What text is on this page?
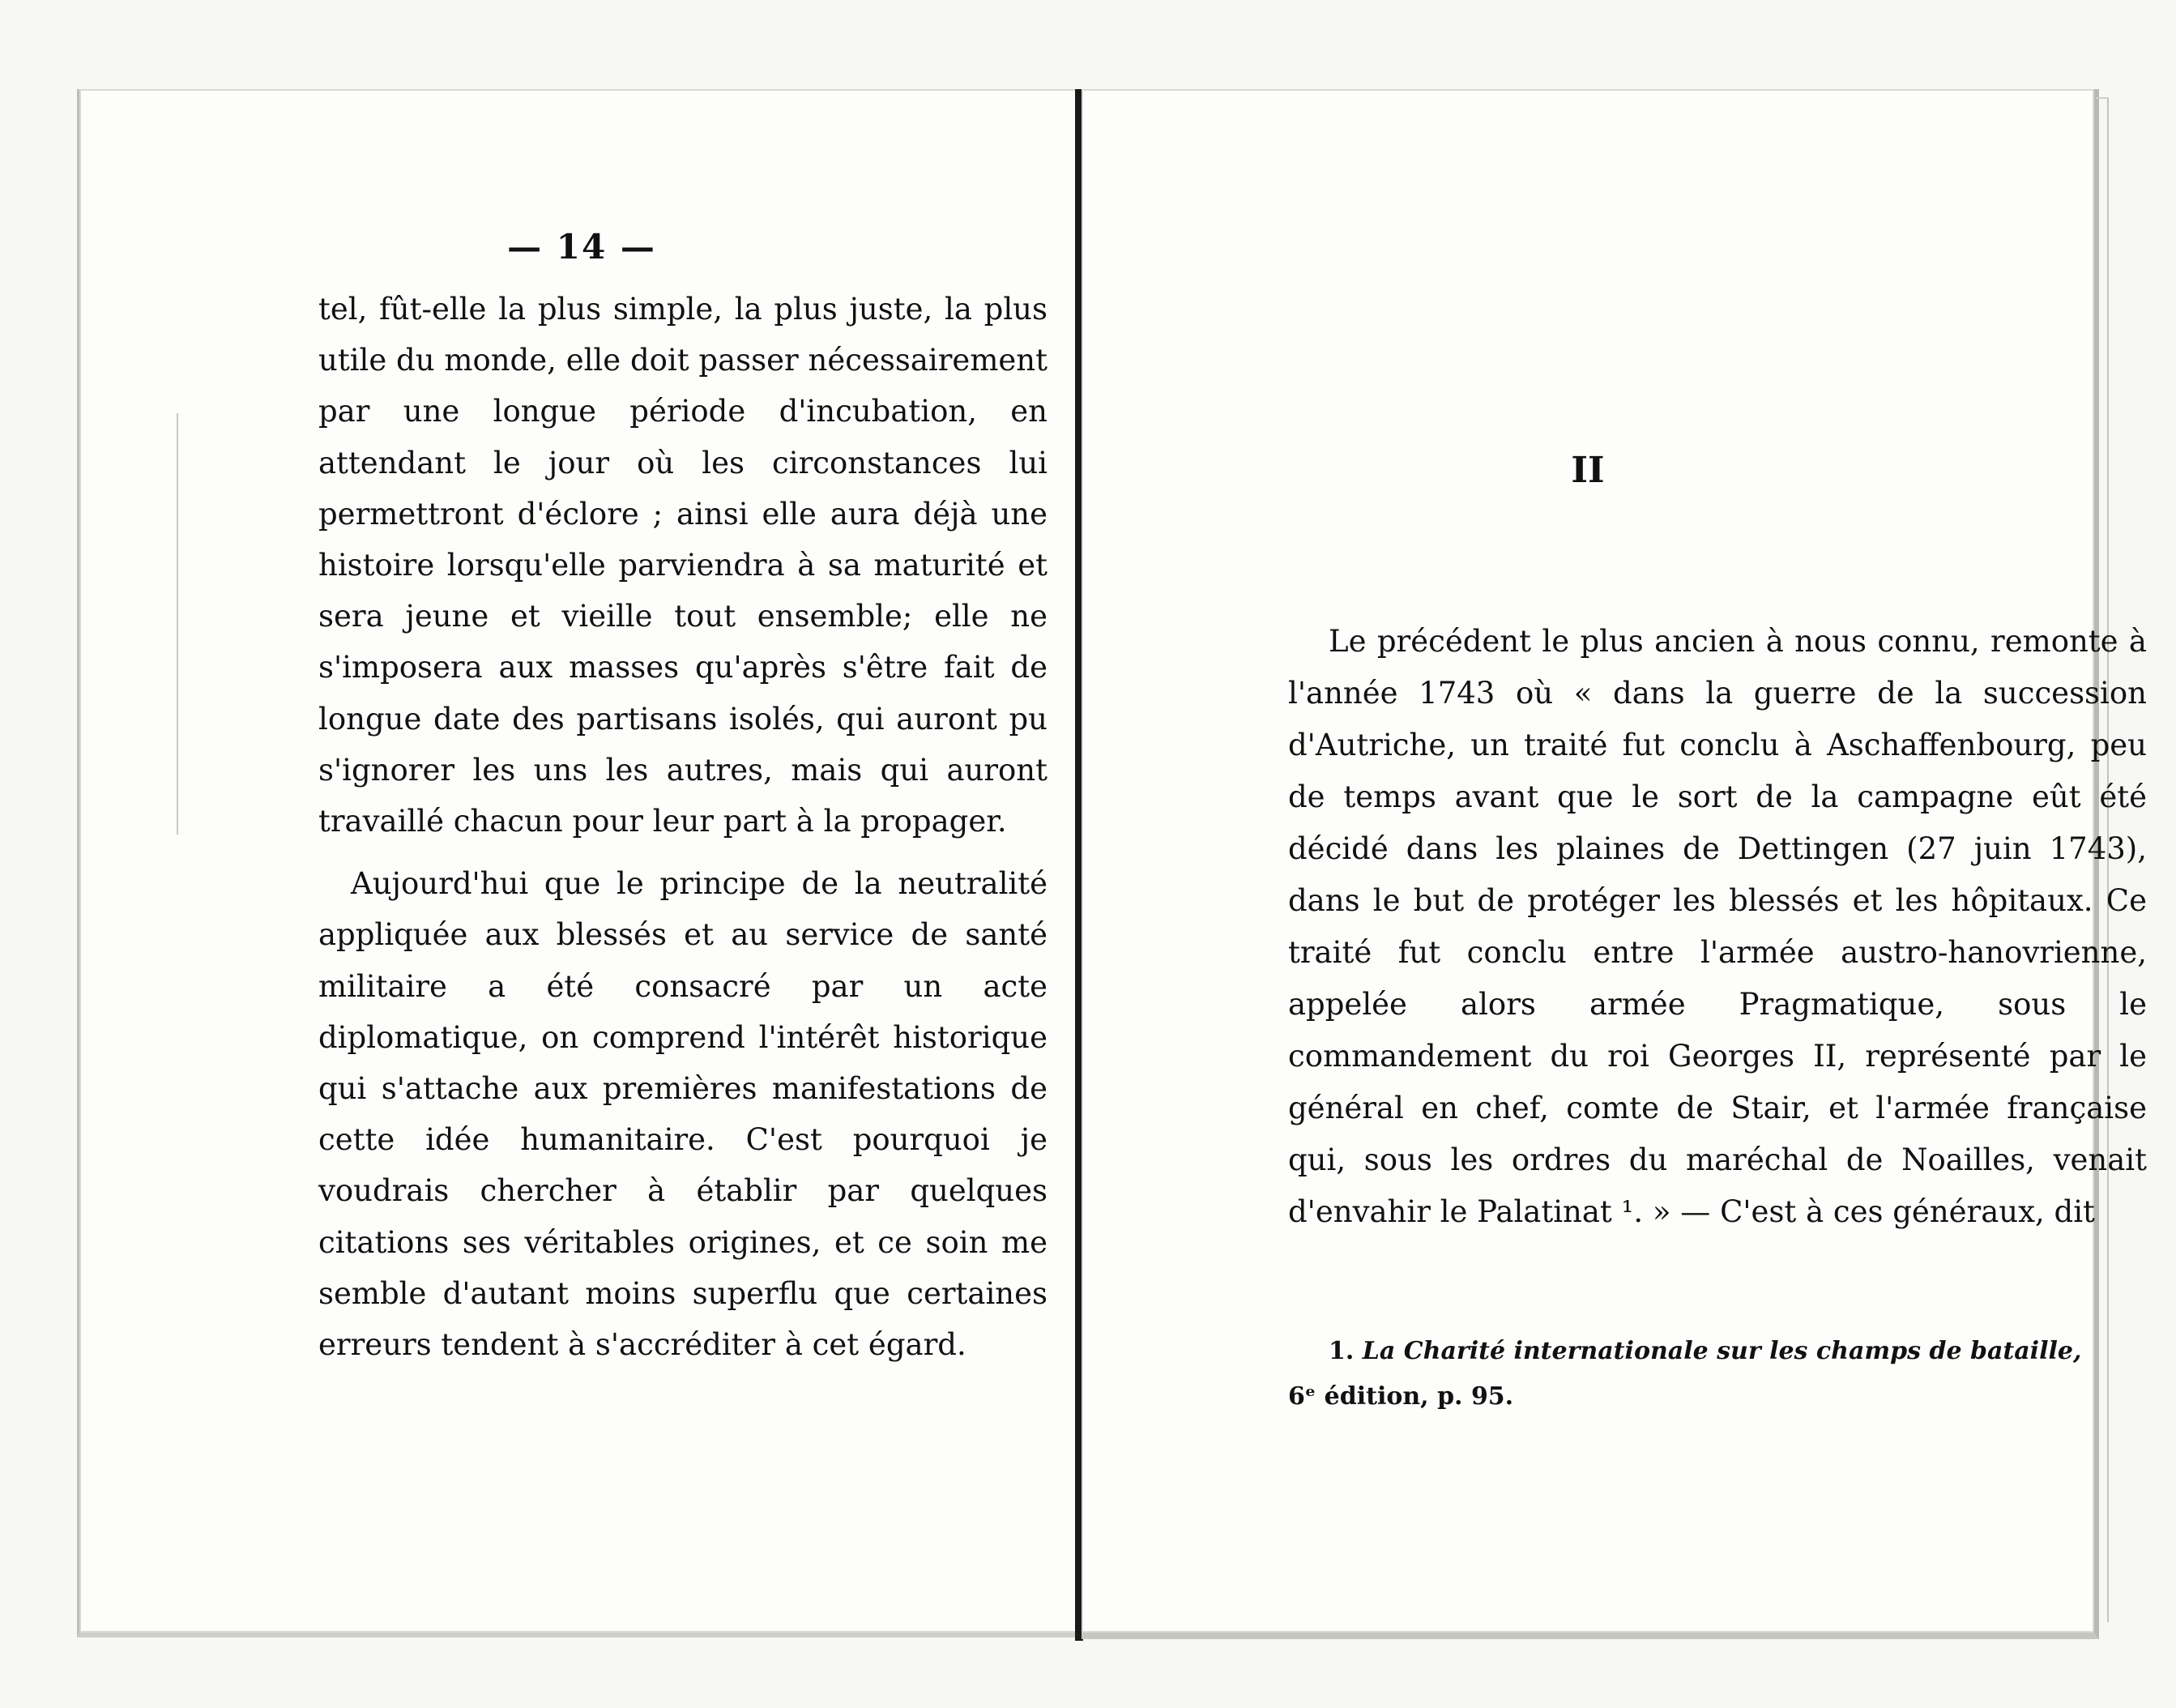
— 14 —

tel, fût-elle la plus simple, la plus juste, la plus utile du monde, elle doit passer nécessairement par une longue période d'incubation, en attendant le jour où les circonstances lui permettront d'éclore ; ainsi elle aura déjà une histoire lorsqu'elle parviendra à sa maturité et sera jeune et vieille tout ensemble; elle ne s'imposera aux masses qu'après s'être fait de longue date des partisans isolés, qui auront pu s'ignorer les uns les autres, mais qui auront travaillé chacun pour leur part à la propager.

Aujourd'hui que le principe de la neutralité appliquée aux blessés et au service de santé militaire a été consacré par un acte diplomatique, on comprend l'intérêt historique qui s'attache aux premières manifestations de cette idée humanitaire. C'est pourquoi je voudrais chercher à établir par quelques citations ses véritables origines, et ce soin me semble d'autant moins superflu que certaines erreurs tendent à s'accréditer à cet égard.

II

Le précédent le plus ancien à nous connu, remonte à l'année 1743 où « dans la guerre de la succession d'Autriche, un traité fut conclu à Aschaffenbourg, peu de temps avant que le sort de la campagne eût été décidé dans les plaines de Dettingen (27 juin 1743), dans le but de protéger les blessés et les hôpitaux. Ce traité fut conclu entre l'armée austro-hanovrienne, appelée alors armée Pragmatique, sous le commandement du roi Georges II, représenté par le général en chef, comte de Stair, et l'armée française qui, sous les ordres du maréchal de Noailles, venait d'envahir le Palatinat ¹. » — C'est à ces généraux, dit

1. La Charité internationale sur les champs de bataille,
6ᵉ édition, p. 95.
